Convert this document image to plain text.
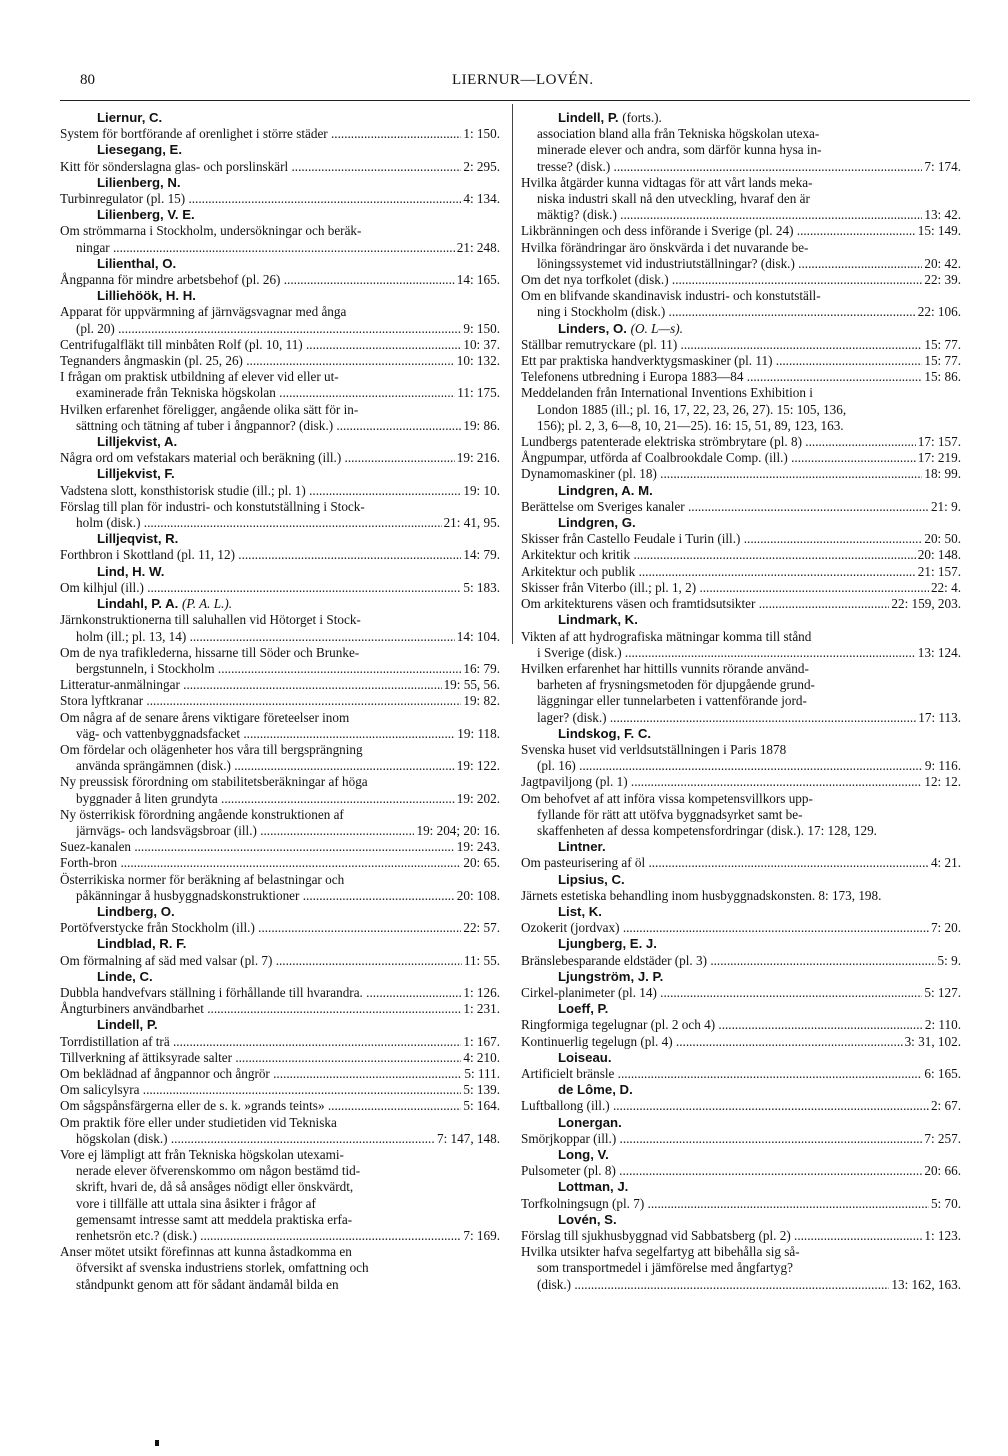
80	LIERNUR—LOVÉN.
Liernur, C.
System för bortförande af orenlighet i större städer .....	1: 150.
Liesegang, E.
Kitt för sönderslagna glas- och porslinskärl .....	2: 295.
Lilienberg, N.
Turbinregulator (pl. 15) .....	4: 134.
Lilienberg, V. E.
Om strömmarna i Stockholm, undersökningar och beräk-
ningar .....	21: 248.
Lilienthal, O.
Ångpanna för mindre arbetsbehof (pl. 26) .....	14: 165.
Lilliehöök, H. H.
Apparat för uppvärmning af järnvägsvagnar med ånga
(pl. 20) .....	9: 150.
Centrifugalfläkt till minbåten Rolf (pl. 10, 11) .....	10: 37.
Tegnanders ångmaskin (pl. 25, 26) .....	10: 132.
I frågan om praktisk utbildning af elever vid eller ut-
examinerade från Tekniska högskolan .....	11: 175.
Hvilken erfarenhet föreligger, angående olika sätt för in-
sättning och tätning af tuber i ångpannor? (disk.) .....	19: 86.
Lilljekvist, A.
Några ord om vefstakars material och beräkning (ill.) .....	19: 216.
Lilljekvist, F.
Vadstena slott, konsthistorisk studie (ill.; pl. 1) .....	19: 10.
Förslag till plan för industri- och konstutställning i Stock-
holm (disk.) .....	21: 41, 95.
Lilljeqvist, R.
Forthbron i Skottland (pl. 11, 12) .....	14: 79.
Lind, H. W.
Om kilhjul (ill.) .....	5: 183.
Lindahl, P. A. (P. A. L.).
Järnkonstruktionerna till saluhallen vid Hötorget i Stock-
holm (ill.; pl. 13, 14) .....	14: 104.
Om de nya trafiklederna, hissarne till Söder och Brunke-
bergstunneln, i Stockholm .....	16: 79.
Litteratur-anmälningar .....	19: 55, 56.
Stora lyftkranar .....	19: 82.
Om några af de senare årens viktigare företeelser inom
väg- och vattenbyggnadsfacket .....	19: 118.
Om fördelar och olägenheter hos våra till bergsprängning
använda sprängämnen (disk.) .....	19: 122.
Ny preussisk förordning om stabilitetsberäkningar af höga
byggnader å liten grundyta .....	19: 202.
Ny österrikisk förordning angående konstruktionen af
järnvägs- och landsvägsbroar (ill.) .....	19: 204; 20: 16.
Suez-kanalen .....	19: 243.
Forth-bron .....	20: 65.
Österrikiska normer för beräkning af belastningar och
påkänningar å husbyggnadskonstruktioner .....	20: 108.
Lindberg, O.
Portöfverstycke från Stockholm (ill.) .....	22: 57.
Lindblad, R. F.
Om förmalning af säd med valsar (pl. 7) .....	11: 55.
Linde, C.
Dubbla handvefvars ställning i förhållande till hvarandra. .....	1: 126.
Ångturbiners användbarhet .....	1: 231.
Lindell, P.
Torrdistillation af trä .....	1: 167.
Tillverkning af ättiksyrade salter .....	4: 210.
Om beklädnad af ångpannor och ångrör .....	5: 111.
Om salicylsyra .....	5: 139.
Om sågspånsfärgerna eller de s. k. »grands teints» .....	5: 164.
Om praktik före eller under studietiden vid Tekniska
högskolan (disk.) .....	7: 147, 148.
Vore ej lämpligt att från Tekniska högskolan utexami-
nerade elever öfverenskommo om någon bestämd tid-
skrift, hvari de, då så ansåges nödigt eller önskvärdt,
vore i tillfälle att uttala sina åsikter i frågor af
gemensamt intresse samt att meddela praktiska erfa-
renhetsrön etc.? (disk.) .....	7: 169.
Anser mötet utsikt förefinnas att kunna åstadkomma en
öfversikt af svenska industriens storlek, omfattning och
ståndpunkt genom att för sådant ändamål bilda en
Lindell, P. (forts.).
association bland alla från Tekniska högskolan utexa-
minerade elever och andra, som därför kunna hysa in-
tresse? (disk.) .....	7: 174.
Hvilka åtgärder kunna vidtagas för att vårt lands meka-
niska industri skall nå den utveckling, hvaraf den är
mäktig? (disk.) .....	13: 42.
Likbränningen och dess införande i Sverige (pl. 24) .....	15: 149.
Hvilka förändringar äro önskvärda i det nuvarande be-
löningssystemet vid industriutställningar? (disk.) .....	20: 42.
Om det nya torfkolet (disk.) .....	22: 39.
Om en blifvande skandinavisk industri- och konstutställ-
ning i Stockholm (disk.) .....	22: 106.
Linders, O. (O. L—s).
Ställbar remutryckare (pl. 11) .....	15: 77.
Ett par praktiska handverktygsmaskiner (pl. 11) .....	15: 77.
Telefonens utbredning i Europa 1883—84 .....	15: 86.
Meddelanden från International Inventions Exhibition i
London 1885 (ill.; pl. 16, 17, 22, 23, 26, 27). 15: 105, 136,
156); pl. 2, 3, 6—8, 10, 21—25). 16: 15, 51, 89, 123, 163.
Lundbergs patenterade elektriska strömbrytare (pl. 8) .....	17: 157.
Ångpumpar, utförda af Coalbrookdale Comp. (ill.) .....	17: 219.
Dynamomaskiner (pl. 18) .....	18: 99.
Lindgren, A. M.
Berättelse om Sveriges kanaler .....	21: 9.
Lindgren, G.
Skisser från Castello Feudale i Turin (ill.) .....	20: 50.
Arkitektur och kritik .....	20: 148.
Arkitektur och publik .....	21: 157.
Skisser från Viterbo (ill.; pl. 1, 2) .....	22: 4.
Om arkitekturens väsen och framtidsutsikter .....	22: 159, 203.
Lindmark, K.
Vikten af att hydrografiska mätningar komma till stånd
i Sverige (disk.) .....	13: 124.
Hvilken erfarenhet har hittills vunnits rörande använd-
barheten af frysningsmetoden för djupgående grund-
läggningar eller tunnelarbeten i vattenförande jord-
lager? (disk.) .....	17: 113.
Lindskog, F. C.
Svenska huset vid verldsutställningen i Paris 1878
(pl. 16) .....	9: 116.
Jagtpaviljong (pl. 1) .....	12: 12.
Om behofvet af att införa vissa kompetensvillkors upp-
fyllande för rätt att utöfva byggnadsyrket samt be-
skaffenheten af dessa kompetensfordringar (disk.). 17: 128, 129.
Lintner.
Om pasteurisering af öl .....	4: 21.
Lipsius, C.
Järnets estetiska behandling inom husbyggnadskonsten. 8: 173, 198.
List, K.
Ozokerit (jordvax) .....	7: 20.
Ljungberg, E. J.
Bränslebesparande eldstäder (pl. 3) .....	5: 9.
Ljungström, J. P.
Cirkel-planimeter (pl. 14) .....	5: 127.
Loeff, P.
Ringformiga tegelugnar (pl. 2 och 4) .....	2: 110.
Kontinuerlig tegelugn (pl. 4) .....	3: 31, 102.
Loiseau.
Artificielt bränsle .....	6: 165.
de Lôme, D.
Luftballong (ill.) .....	2: 67.
Lonergan.
Smörjkoppar (ill.) .....	7: 257.
Long, V.
Pulsometer (pl. 8) .....	20: 66.
Lottman, J.
Torfkolningsugn (pl. 7) .....	5: 70.
Lovén, S.
Förslag till sjukhusbyggnad vid Sabbatsberg (pl. 2) .....	1: 123.
Hvilka utsikter hafva segelfartyg att bibehålla sig så-
som transportmedel i jämförelse med ångfartyg?
(disk.) .....	13: 162, 163.
